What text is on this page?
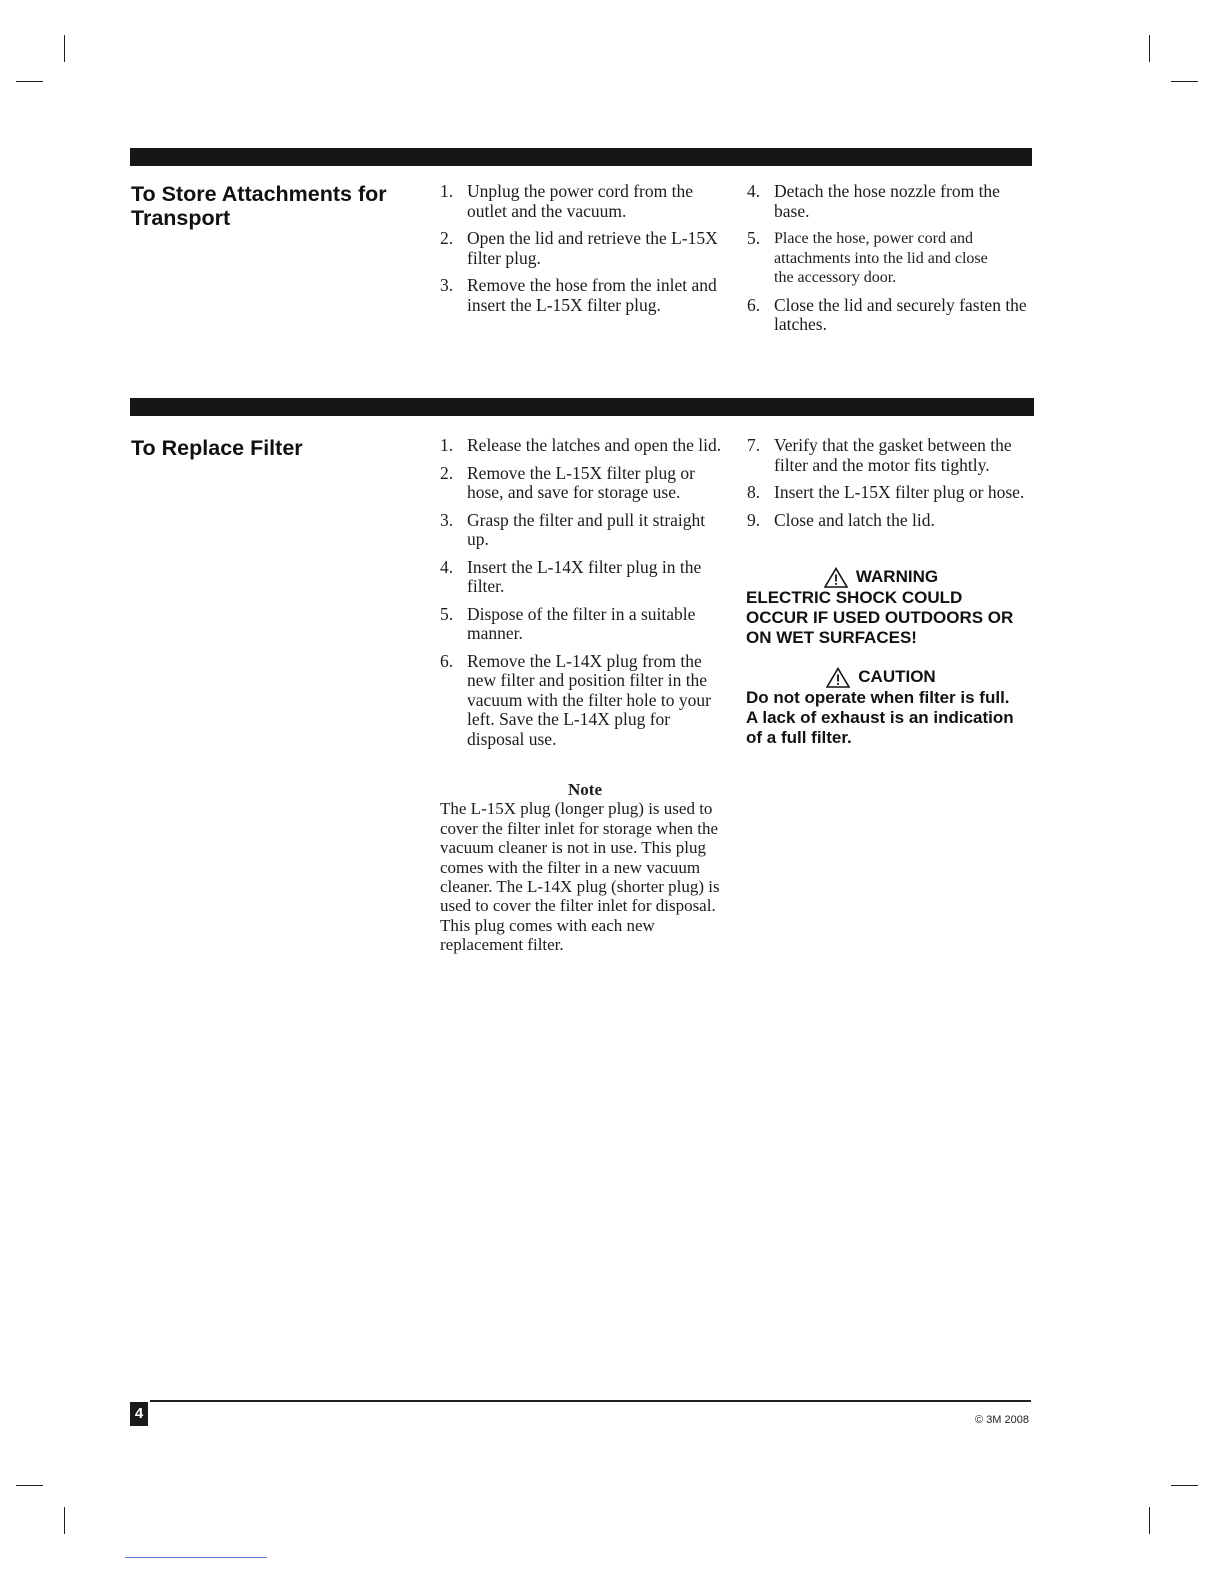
To Store Attachments for Transport
1. Unplug the power cord from the outlet and the vacuum.
2. Open the lid and retrieve the L-15X filter plug.
3. Remove the hose from the inlet and insert the L-15X filter plug.
4. Detach the hose nozzle from the base.
5. Place the hose, power cord and attachments into the lid and close the accessory door.
6. Close the lid and securely fasten the latches.
To Replace Filter	1. Release the latches and open the lid.
2. Remove the L-15X filter plug or hose, and save for storage use.
3. Grasp the filter and pull it straight up.
4. Insert the L-14X filter plug in the filter.
5. Dispose of the filter in a suitable manner.
6. Remove the L-14X plug from the new filter and position filter in the vacuum with the filter hole to your left. Save the L-14X plug for disposal use.
Note
The L-15X plug (longer plug) is used to cover the filter inlet for storage when the vacuum cleaner is not in use. This plug comes with the filter in a new vacuum cleaner. The L-14X plug (shorter plug) is used to cover the filter inlet for disposal. This plug comes with each new replacement filter.
7. Verify that the gasket between the filter and the motor fits tightly.
8. Insert the L-15X filter plug or hose.
9. Close and latch the lid.
WARNING
ELECTRIC SHOCK COULD OCCUR IF USED OUTDOORS OR ON WET SURFACES!
CAUTION
Do not operate when filter is full. A lack of exhaust is an indication of a full filter.
4	© 3M 2008
